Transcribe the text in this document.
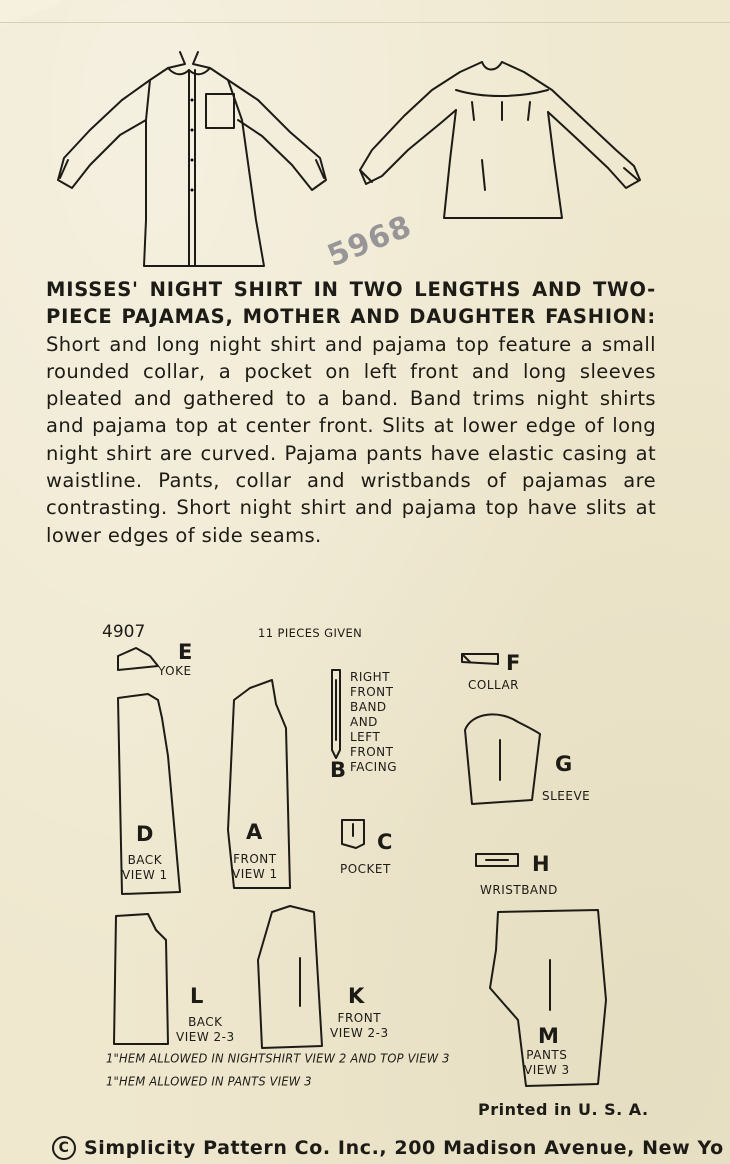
5968

MISSES' NIGHT SHIRT IN TWO LENGTHS AND TWO-PIECE PAJAMAS, MOTHER AND DAUGHTER FASHION: Short and long night shirt and pajama top feature a small rounded collar, a pocket on left front and long sleeves pleated and gathered to a band. Band trims night shirts and pajama top at center front. Slits at lower edge of long night shirt are curved. Pajama pants have elastic casing at waistline. Pants, collar and wristbands of pajamas are contrasting. Short night shirt and pajama top have slits at lower edges of side seams.

4907	11 PIECES GIVEN
E
YOKE	F
COLLAR
RIGHT
FRONT
BAND
AND
LEFT
FRONT
FACING
B	G
SLEEVE
D
BACK
VIEW 1
A
FRONT
VIEW 1
C
POCKET	H
WRISTBAND
L
BACK
VIEW 2-3
K
FRONT
VIEW 2-3	M
PANTS
VIEW 3
1"HEM ALLOWED IN NIGHTSHIRT VIEW 2 AND TOP VIEW 3
1"HEM ALLOWED IN PANTS VIEW 3
Printed in U. S. A.
C Simplicity Pattern Co. Inc., 200 Madison Avenue, New Yo
